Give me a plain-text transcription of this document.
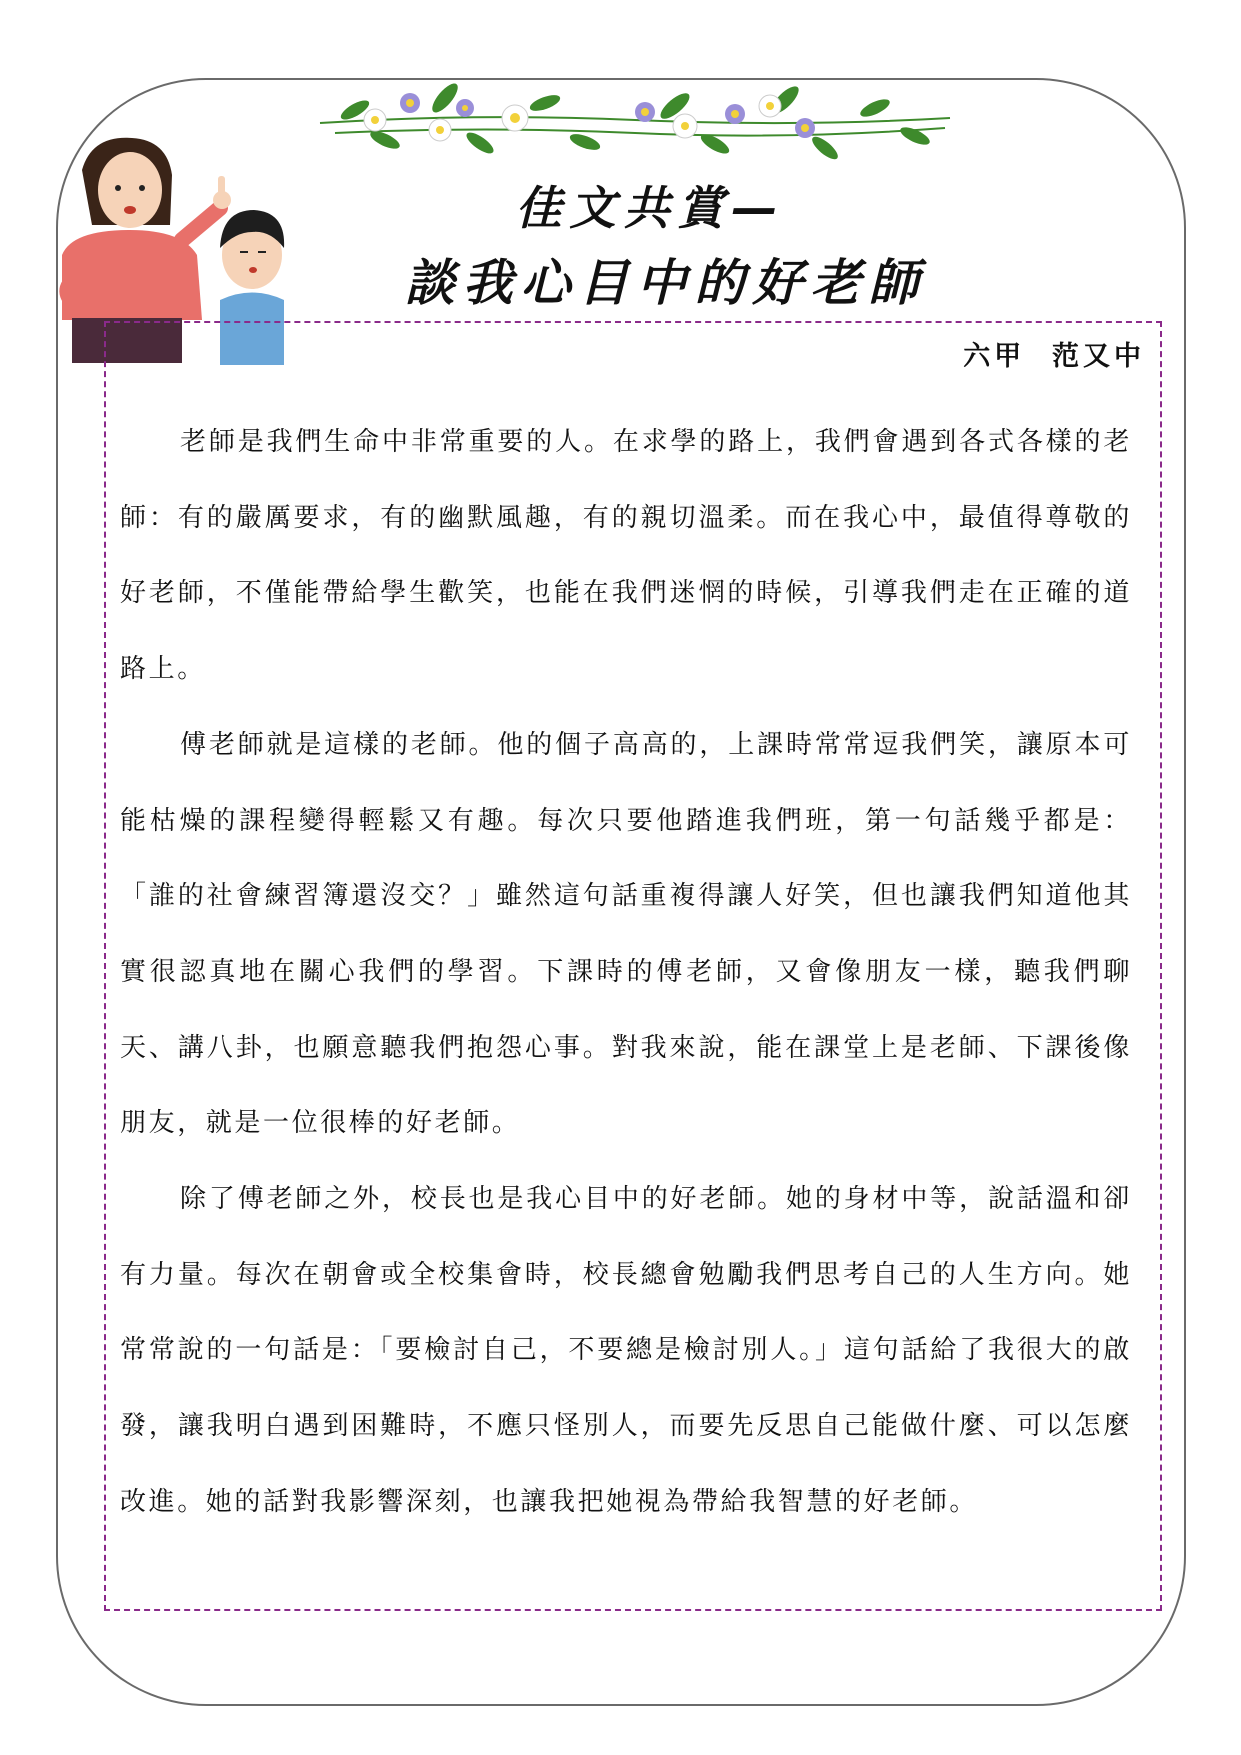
佳文共賞—
談我心目中的好老師
六甲  范又中

老師是我們生命中非常重要的人。在求學的路上，我們會遇到各式各樣的老師：有的嚴厲要求，有的幽默風趣，有的親切溫柔。而在我心中，最值得尊敬的好老師，不僅能帶給學生歡笑，也能在我們迷惘的時候，引導我們走在正確的道路上。

傅老師就是這樣的老師。他的個子高高的，上課時常常逗我們笑，讓原本可能枯燥的課程變得輕鬆又有趣。每次只要他踏進我們班，第一句話幾乎都是：「誰的社會練習簿還沒交？」雖然這句話重複得讓人好笑，但也讓我們知道他其實很認真地在關心我們的學習。下課時的傅老師，又會像朋友一樣，聽我們聊天、講八卦，也願意聽我們抱怨心事。對我來說，能在課堂上是老師、下課後像朋友，就是一位很棒的好老師。

除了傅老師之外，校長也是我心目中的好老師。她的身材中等，說話溫和卻有力量。每次在朝會或全校集會時，校長總會勉勵我們思考自己的人生方向。她常常說的一句話是：「要檢討自己，不要總是檢討別人。」這句話給了我很大的啟發，讓我明白遇到困難時，不應只怪別人，而要先反思自己能做什麼、可以怎麼改進。她的話對我影響深刻，也讓我把她視為帶給我智慧的好老師。
